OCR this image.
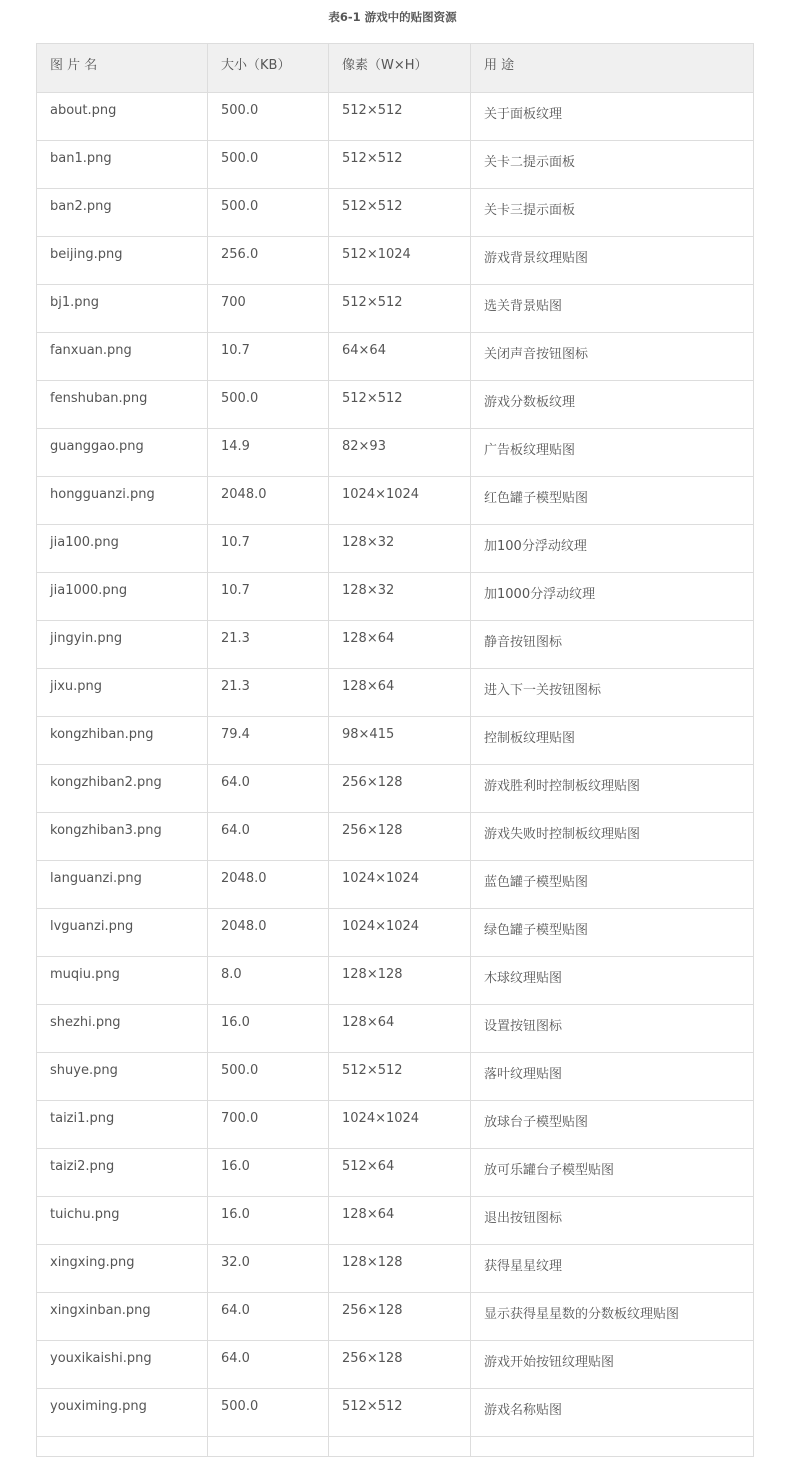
表6-1 游戏中的贴图资源
图 片 名	大小（KB）	像素（W×H）	用 途
about.png	500.0	512×512	关于面板纹理
ban1.png	500.0	512×512	关卡二提示面板
ban2.png	500.0	512×512	关卡三提示面板
beijing.png	256.0	512×1024	游戏背景纹理贴图
bj1.png	700	512×512	选关背景贴图
fanxuan.png	10.7	64×64	关闭声音按钮图标
fenshuban.png	500.0	512×512	游戏分数板纹理
guanggao.png	14.9	82×93	广告板纹理贴图
hongguanzi.png	2048.0	1024×1024	红色罐子模型贴图
jia100.png	10.7	128×32	加100分浮动纹理
jia1000.png	10.7	128×32	加1000分浮动纹理
jingyin.png	21.3	128×64	静音按钮图标
jixu.png	21.3	128×64	进入下一关按钮图标
kongzhiban.png	79.4	98×415	控制板纹理贴图
kongzhiban2.png	64.0	256×128	游戏胜利时控制板纹理贴图
kongzhiban3.png	64.0	256×128	游戏失败时控制板纹理贴图
languanzi.png	2048.0	1024×1024	蓝色罐子模型贴图
lvguanzi.png	2048.0	1024×1024	绿色罐子模型贴图
muqiu.png	8.0	128×128	木球纹理贴图
shezhi.png	16.0	128×64	设置按钮图标
shuye.png	500.0	512×512	落叶纹理贴图
taizi1.png	700.0	1024×1024	放球台子模型贴图
taizi2.png	16.0	512×64	放可乐罐台子模型贴图
tuichu.png	16.0	128×64	退出按钮图标
xingxing.png	32.0	128×128	获得星星纹理
xingxinban.png	64.0	256×128	显示获得星星数的分数板纹理贴图
youxikaishi.png	64.0	256×128	游戏开始按钮纹理贴图
youximing.png	500.0	512×512	游戏名称贴图
